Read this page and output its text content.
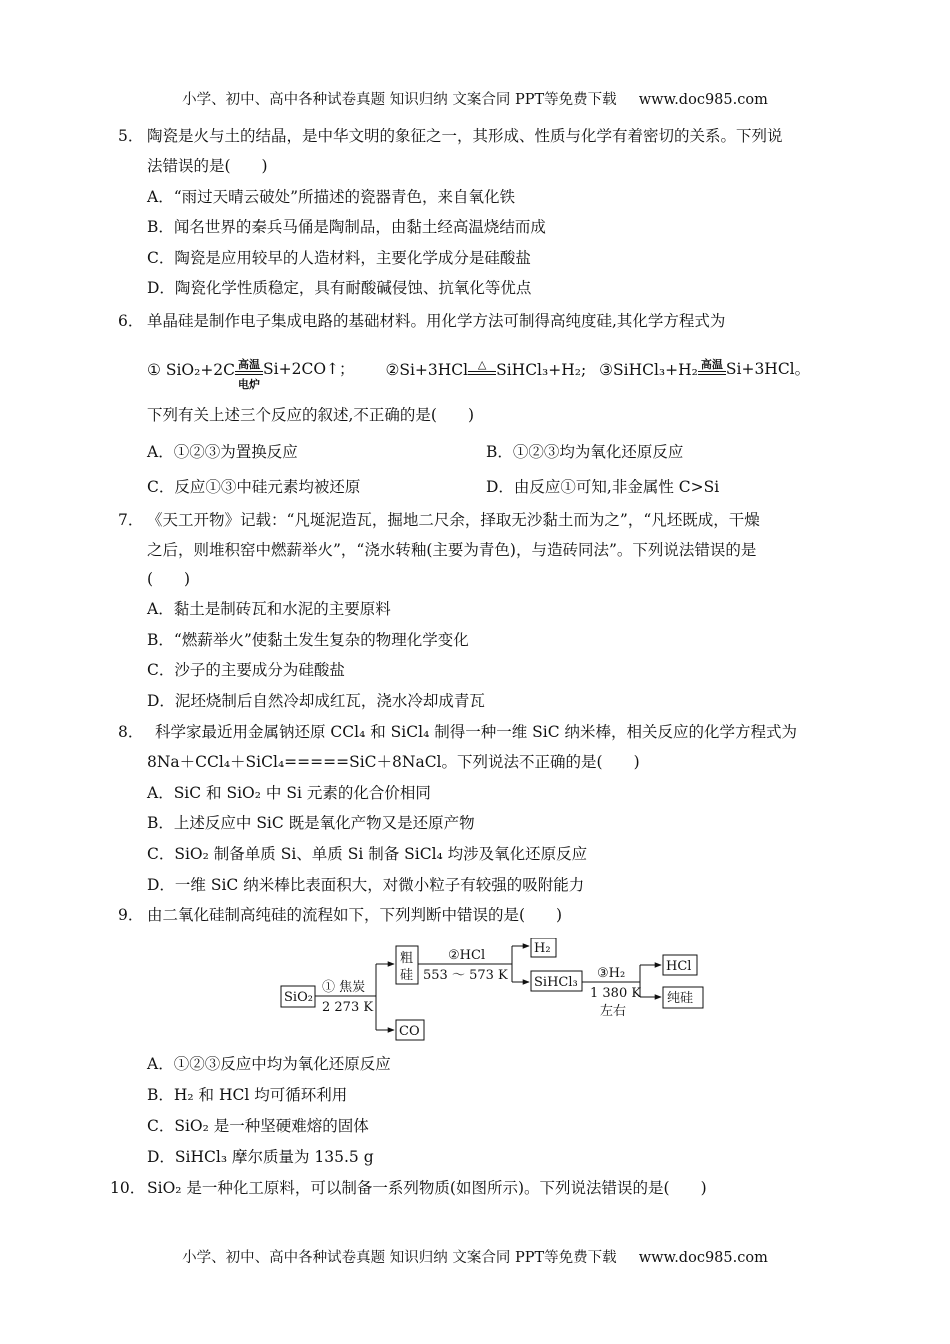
小学、初中、高中各种试卷真题 知识归纳 文案合同 PPT等免费下载 www.doc985.com
5． 陶瓷是火与土的结晶，是中华文明的象征之一，其形成、性质与化学有着密切的关系。下列说
法错误的是(　　)
A．“雨过天晴云破处”所描述的瓷器青色，来自氧化铁
B．闻名世界的秦兵马俑是陶制品，由黏土经高温烧结而成
C．陶瓷是应用较早的人造材料，主要化学成分是硅酸盐
D．陶瓷化学性质稳定，具有耐酸碱侵蚀、抗氧化等优点
6． 单晶硅是制作电子集成电路的基础材料。用化学方法可制得高纯度硅,其化学方程式为
① SiO₂+2C 高温
电炉
Si+2CO↑； ②Si+3HCl △ SiHCl₃+H₂; ③SiHCl₃+H₂ 高温 Si+3HCl。
下列有关上述三个反应的叙述,不正确的是(　　)
A．①②③为置换反应	B．①②③均为氧化还原反应
C．反应①③中硅元素均被还原	D．由反应①可知,非金属性 C>Si
7． 《天工开物》记载：“凡埏泥造瓦，掘地二尺余，择取无沙黏土而为之”，“凡坯既成，干燥
之后，则堆积窑中燃薪举火”，“浇水转釉(主要为青色)，与造砖同法”。下列说法错误的是
(　　)
A．黏土是制砖瓦和水泥的主要原料
B．“燃薪举火”使黏土发生复杂的物理化学变化
C．沙子的主要成分为硅酸盐
D．泥坯烧制后自然冷却成红瓦，浇水冷却成青瓦
8． 科学家最近用金属钠还原 CCl₄ 和 SiCl₄ 制得一种一维 SiC 纳米棒，相关反应的化学方程式为
8Na＋CCl₄＋SiCl₄=====SiC＋8NaCl。下列说法不正确的是(　　)
A．SiC 和 SiO₂ 中 Si 元素的化合价相同
B．上述反应中 SiC 既是氧化产物又是还原产物
C．SiO₂ 制备单质 Si、单质 Si 制备 SiCl₄ 均涉及氧化还原反应
D．一维 SiC 纳米棒比表面积大，对微小粒子有较强的吸附能力
9． 由二氧化硅制高纯硅的流程如下，下列判断中错误的是(　　)
SiO₂
① 焦炭
2 273 K
粗
硅
CO
②HCl
553 ～ 573 K
H₂
SiHCl₃
③H₂
1 380 K
左右
HCl
纯硅
A．①②③反应中均为氧化还原反应
B．H₂ 和 HCl 均可循环利用
C．SiO₂ 是一种坚硬难熔的固体
D．SiHCl₃ 摩尔质量为 135.5 g
10． SiO₂ 是一种化工原料，可以制备一系列物质(如图所示)。下列说法错误的是(　　)
小学、初中、高中各种试卷真题 知识归纳 文案合同 PPT等免费下载 www.doc985.com
